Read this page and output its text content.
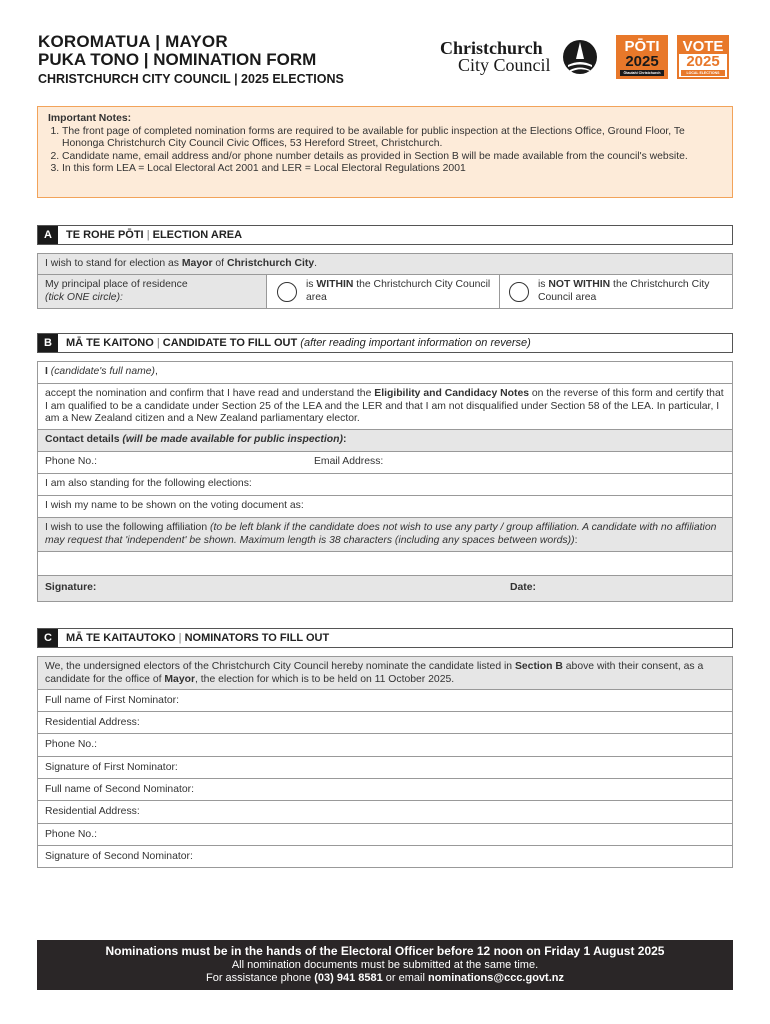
KOROMATUA | MAYOR
PUKA TONO | NOMINATION FORM
CHRISTCHURCH CITY COUNCIL | 2025 ELECTIONS
Christchurch
City Council
PŌTI
2025
Ōtautahi Christchurch
VOTE
2025
LOCAL ELECTIONS
Important Notes:
1. The front page of completed nomination forms are required to be available for public inspection at the Elections Office, Ground Floor, Te Hononga Christchurch City Council Civic Offices, 53 Hereford Street, Christchurch.
2. Candidate name, email address and/or phone number details as provided in Section B will be made available from the council's website.
3. In this form LEA = Local Electoral Act 2001 and LER = Local Electoral Regulations 2001
A	TE ROHE PŌTI | ELECTION AREA
I wish to stand for election as Mayor of Christchurch City.
My principal place of residence
(tick ONE circle):
is WITHIN the Christchurch City Council area
is NOT WITHIN the Christchurch City Council area
B	MĀ TE KAITONO | CANDIDATE TO FILL OUT (after reading important information on reverse)
I (candidate's full name),
accept the nomination and confirm that I have read and understand the Eligibility and Candidacy Notes on the reverse of this form and certify that I am qualified to be a candidate under Section 25 of the LEA and the LER and that I am not disqualified under Section 58 of the LEA. In particular, I am a New Zealand citizen and a New Zealand parliamentary elector.
Contact details (will be made available for public inspection):
Phone No.:	Email Address:
I am also standing for the following elections:
I wish my name to be shown on the voting document as:
I wish to use the following affiliation (to be left blank if the candidate does not wish to use any party / group affiliation. A candidate with no affiliation may request that 'independent' be shown. Maximum length is 38 characters (including any spaces between words)):
Signature:	Date:
C	MĀ TE KAITAUTOKO | NOMINATORS TO FILL OUT
We, the undersigned electors of the Christchurch City Council hereby nominate the candidate listed in Section B above with their consent, as a candidate for the office of Mayor, the election for which is to be held on 11 October 2025.
Full name of First Nominator:
Residential Address:
Phone No.:
Signature of First Nominator:
Full name of Second Nominator:
Residential Address:
Phone No.:
Signature of Second Nominator:
Nominations must be in the hands of the Electoral Officer before 12 noon on Friday 1 August 2025
All nomination documents must be submitted at the same time.
For assistance phone (03) 941 8581 or email nominations@ccc.govt.nz
